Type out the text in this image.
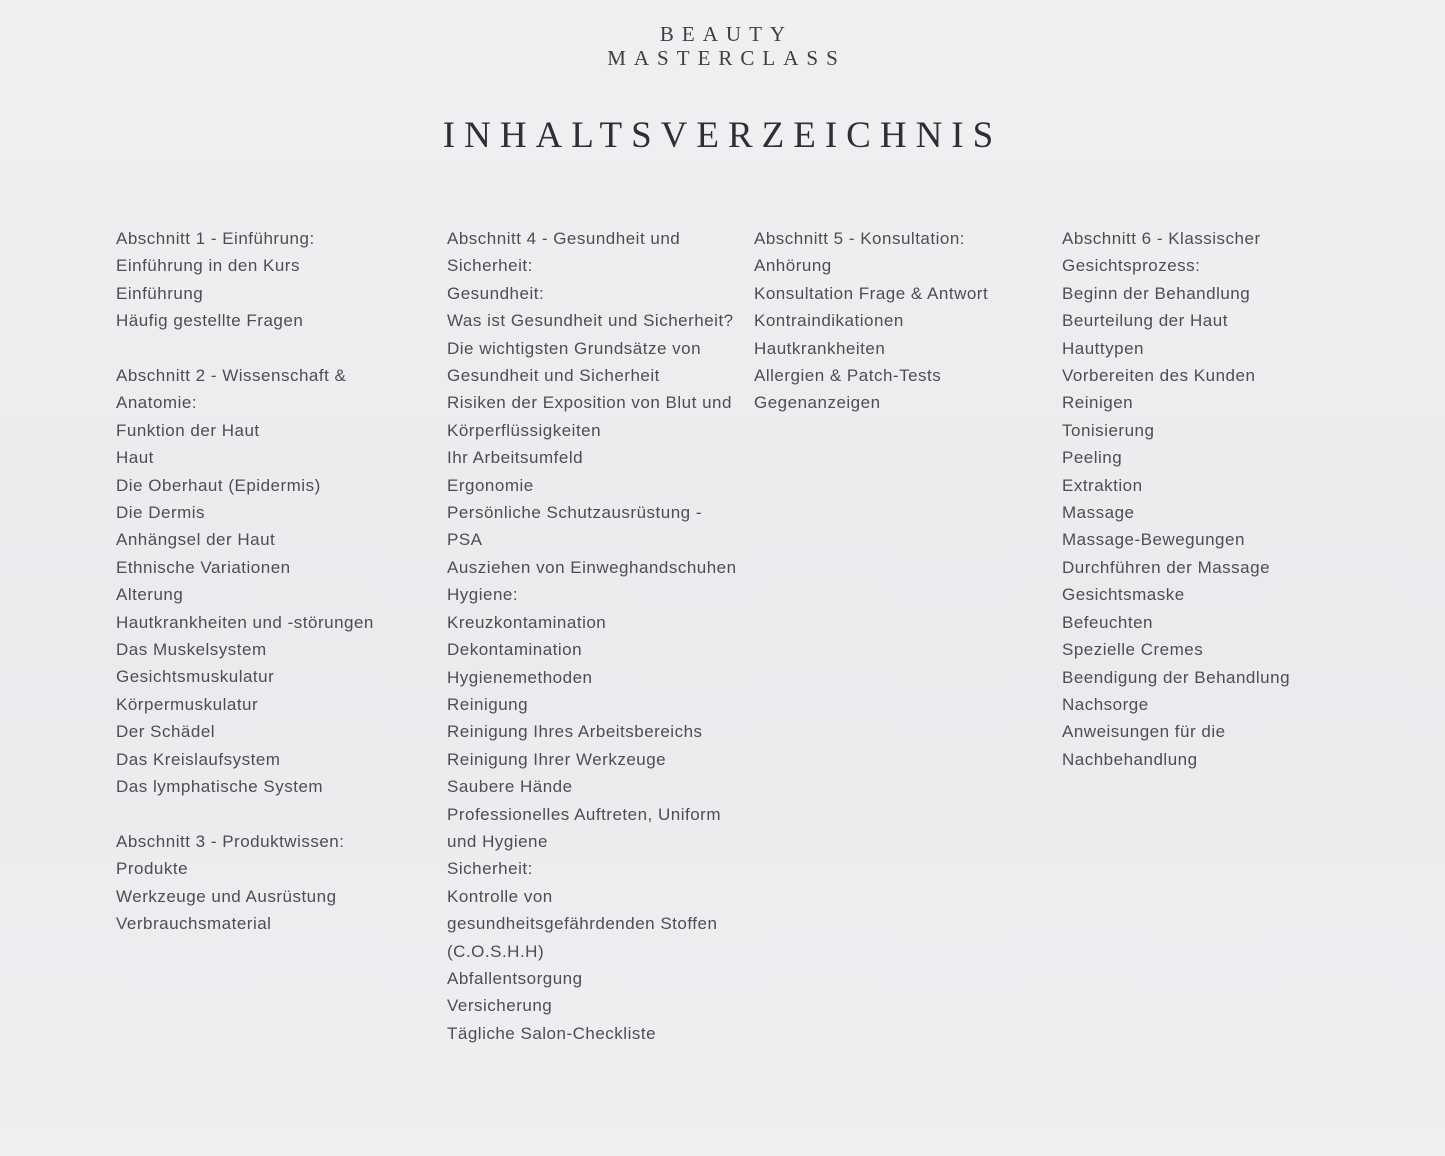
BEAUTY
MASTERCLASS
INHALTSVERZEICHNIS
Abschnitt 1 - Einführung:
Einführung in den Kurs
Einführung
Häufig gestellte Fragen
Abschnitt 2 - Wissenschaft &
Anatomie:
Funktion der Haut
Haut
Die Oberhaut (Epidermis)
Die Dermis
Anhängsel der Haut
Ethnische Variationen
Alterung
Hautkrankheiten und -störungen
Das Muskelsystem
Gesichtsmuskulatur
Körpermuskulatur
Der Schädel
Das Kreislaufsystem
Das lymphatische System
Abschnitt 3 - Produktwissen:
Produkte
Werkzeuge und Ausrüstung
Verbrauchsmaterial
Abschnitt 4 - Gesundheit und
Sicherheit:
Gesundheit:
Was ist Gesundheit und Sicherheit?
Die wichtigsten Grundsätze von
Gesundheit und Sicherheit
Risiken der Exposition von Blut und
Körperflüssigkeiten
Ihr Arbeitsumfeld
Ergonomie
Persönliche Schutzausrüstung -
PSA
Ausziehen von Einweghandschuhen
Hygiene:
Kreuzkontamination
Dekontamination
Hygienemethoden
Reinigung
Reinigung Ihres Arbeitsbereichs
Reinigung Ihrer Werkzeuge
Saubere Hände
Professionelles Auftreten, Uniform
und Hygiene
Sicherheit:
Kontrolle von
gesundheitsgefährdenden Stoffen
(C.O.S.H.H)
Abfallentsorgung
Versicherung
Tägliche Salon-Checkliste
Abschnitt 5 - Konsultation:
Anhörung
Konsultation Frage & Antwort
Kontraindikationen
Hautkrankheiten
Allergien & Patch-Tests
Gegenanzeigen
Abschnitt 6 - Klassischer
Gesichtsprozess:
Beginn der Behandlung
Beurteilung der Haut
Hauttypen
Vorbereiten des Kunden
Reinigen
Tonisierung
Peeling
Extraktion
Massage
Massage-Bewegungen
Durchführen der Massage
Gesichtsmaske
Befeuchten
Spezielle Cremes
Beendigung der Behandlung
Nachsorge
Anweisungen für die
Nachbehandlung
